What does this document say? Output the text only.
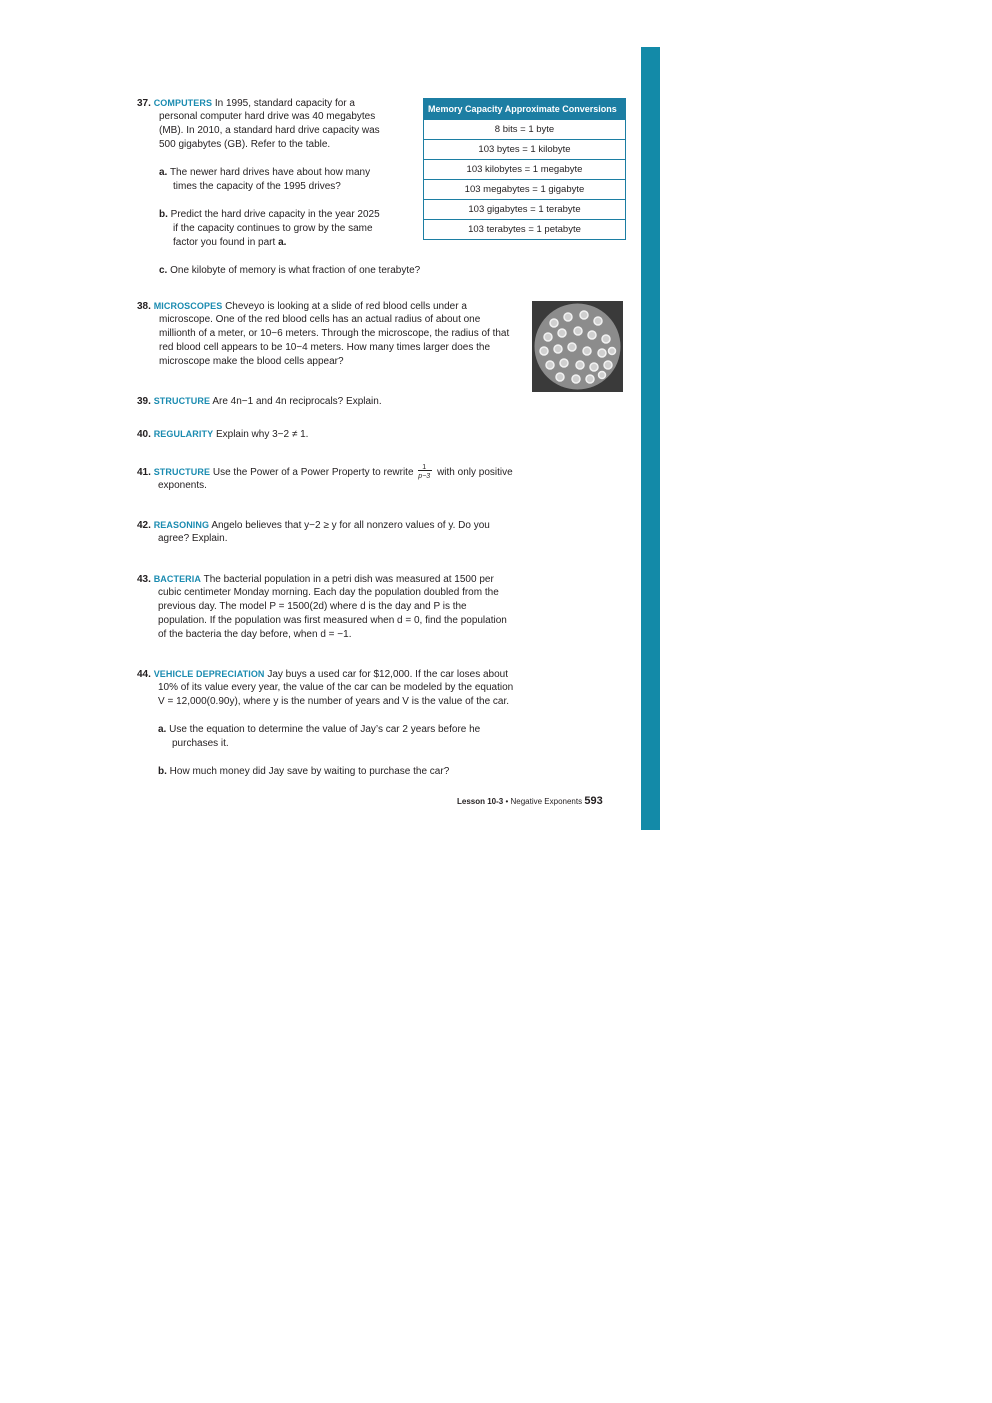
37. COMPUTERS In 1995, standard capacity for a
personal computer hard drive was 40 megabytes
(MB). In 2010, a standard hard drive capacity was
500 gigabytes (GB). Refer to the table.
a. The newer hard drives have about how many
times the capacity of the 1995 drives?
b. Predict the hard drive capacity in the year 2025
if the capacity continues to grow by the same
factor you found in part a.
c. One kilobyte of memory is what fraction of one terabyte?
Memory Capacity Approximate Conversions
8 bits = 1 byte
103 bytes = 1 kilobyte
103 kilobytes = 1 megabyte
103 megabytes = 1 gigabyte
103 gigabytes = 1 terabyte
103 terabytes = 1 petabyte
38. MICROSCOPES Cheveyo is looking at a slide of red blood cells under a
microscope. One of the red blood cells has an actual radius of about one
millionth of a meter, or 10−6 meters. Through the microscope, the radius of that
red blood cell appears to be 10−4 meters. How many times larger does the
microscope make the blood cells appear?
39. STRUCTURE Are 4n−1 and 4n reciprocals? Explain.
40. REGULARITY Explain why 3−2 ≠ 1.
41. STRUCTURE Use the Power of a Power Property to rewrite 1
p−3 with only positive
exponents.
42. REASONING Angelo believes that y−2 ≥ y for all nonzero values of y. Do you
agree? Explain.
43. BACTERIA The bacterial population in a petri dish was measured at 1500 per
cubic centimeter Monday morning. Each day the population doubled from the
previous day. The model P = 1500(2d) where d is the day and P is the
population. If the population was first measured when d = 0, find the population
of the bacteria the day before, when d = −1.
44. VEHICLE DEPRECIATION Jay buys a used car for $12,000. If the car loses about
10% of its value every year, the value of the car can be modeled by the equation
V = 12,000(0.90y), where y is the number of years and V is the value of the car.
a. Use the equation to determine the value of Jay’s car 2 years before he
purchases it.
b. How much money did Jay save by waiting to purchase the car?
Lesson 10-3 • Negative Exponents 593
